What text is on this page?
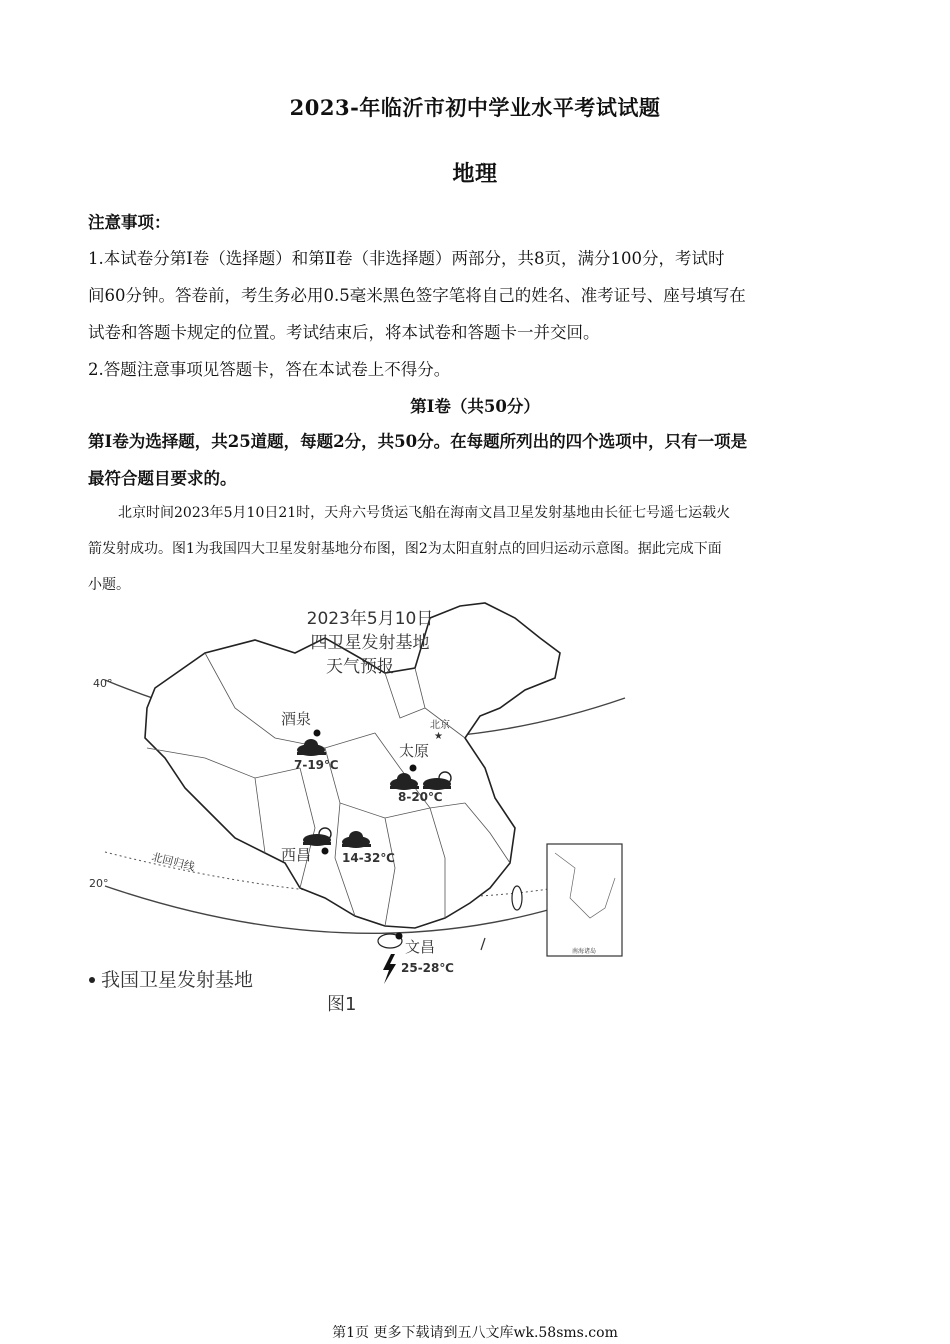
2023-年临沂市初中学业水平考试试题
地理
注意事项：
1.本试卷分第Ⅰ卷（选择题）和第Ⅱ卷（非选择题）两部分，共8页，满分100分，考试时
间60分钟。答卷前，考生务必用0.5毫米黑色签字笔将自己的姓名、准考证号、座号填写在
试卷和答题卡规定的位置。考试结束后，将本试卷和答题卡一并交回。
2.答题注意事项见答题卡，答在本试卷上不得分。
第Ⅰ卷（共50分）
第Ⅰ卷为选择题，共25道题，每题2分，共50分。在每题所列出的四个选项中，只有一项是
最符合题目要求的。
北京时间2023年5月10日21时，天舟六号货运飞船在海南文昌卫星发射基地由长征七号遥七运载火
箭发射成功。图1为我国四大卫星发射基地分布图，图2为太阳直射点的回归运动示意图。据此完成下面
小题。
南海诸岛
2023年5月10日
四卫星发射基地
天气预报
40°
20°
北回归线
北京
★
酒泉
7-19℃
太原
8-20℃
西昌	14-32℃
文昌
25-28℃
我国卫星发射基地
图1
第1页 更多下载请到五八文库wk.58sms.com
